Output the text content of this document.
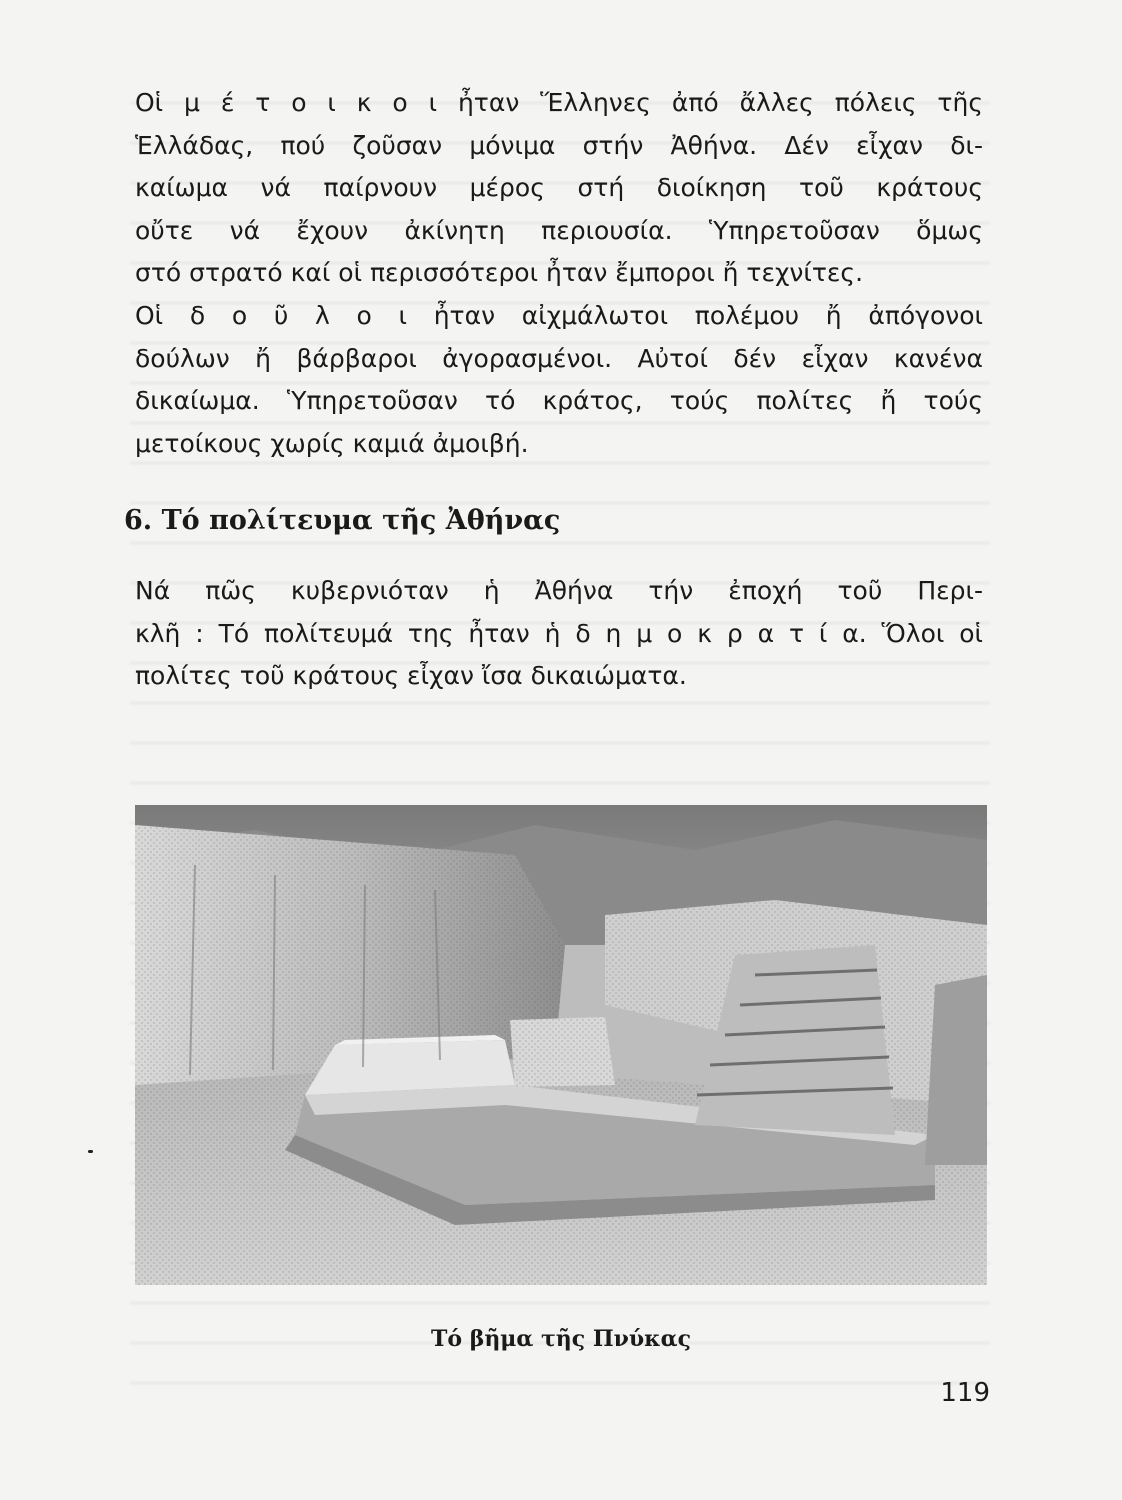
Οἱ μ έ τ ο ι κ ο ι ἦταν Ἕλληνες ἀπό ἄλλες πόλεις τῆς
Ἑλλάδας, πού ζοῦσαν μόνιμα στήν Ἀθήνα. Δέν εἶχαν δι-
καίωμα νά παίρνουν μέρος στή διοίκηση τοῦ κράτους
οὔτε νά ἔχουν ἀκίνητη περιουσία. Ὑπηρετοῦσαν ὅμως
στό στρατό καί οἱ περισσότεροι ἦταν ἔμποροι ἤ τεχνίτες.

Οἱ δ ο ῦ λ ο ι ἦταν αἰχμάλωτοι πολέμου ἤ ἀπόγονοι
δούλων ἤ βάρβαροι ἀγορασμένοι. Αὐτοί δέν εἶχαν κανένα
δικαίωμα. Ὑπηρετοῦσαν τό κράτος, τούς πολίτες ἤ τούς
μετοίκους χωρίς καμιά ἀμοιβή.

6. Τό πολίτευμα τῆς Ἀθήνας

Νά πῶς κυβερνιόταν ἡ Ἀθήνα τήν ἐποχή τοῦ Περι-
κλῆ : Τό πολίτευμά της ἦταν ἡ δ η μ ο κ ρ α τ ί α. Ὅλοι οἱ
πολίτες τοῦ κράτους εἶχαν ἴσα δικαιώματα.

Τό βῆμα τῆς Πνύκας

119
